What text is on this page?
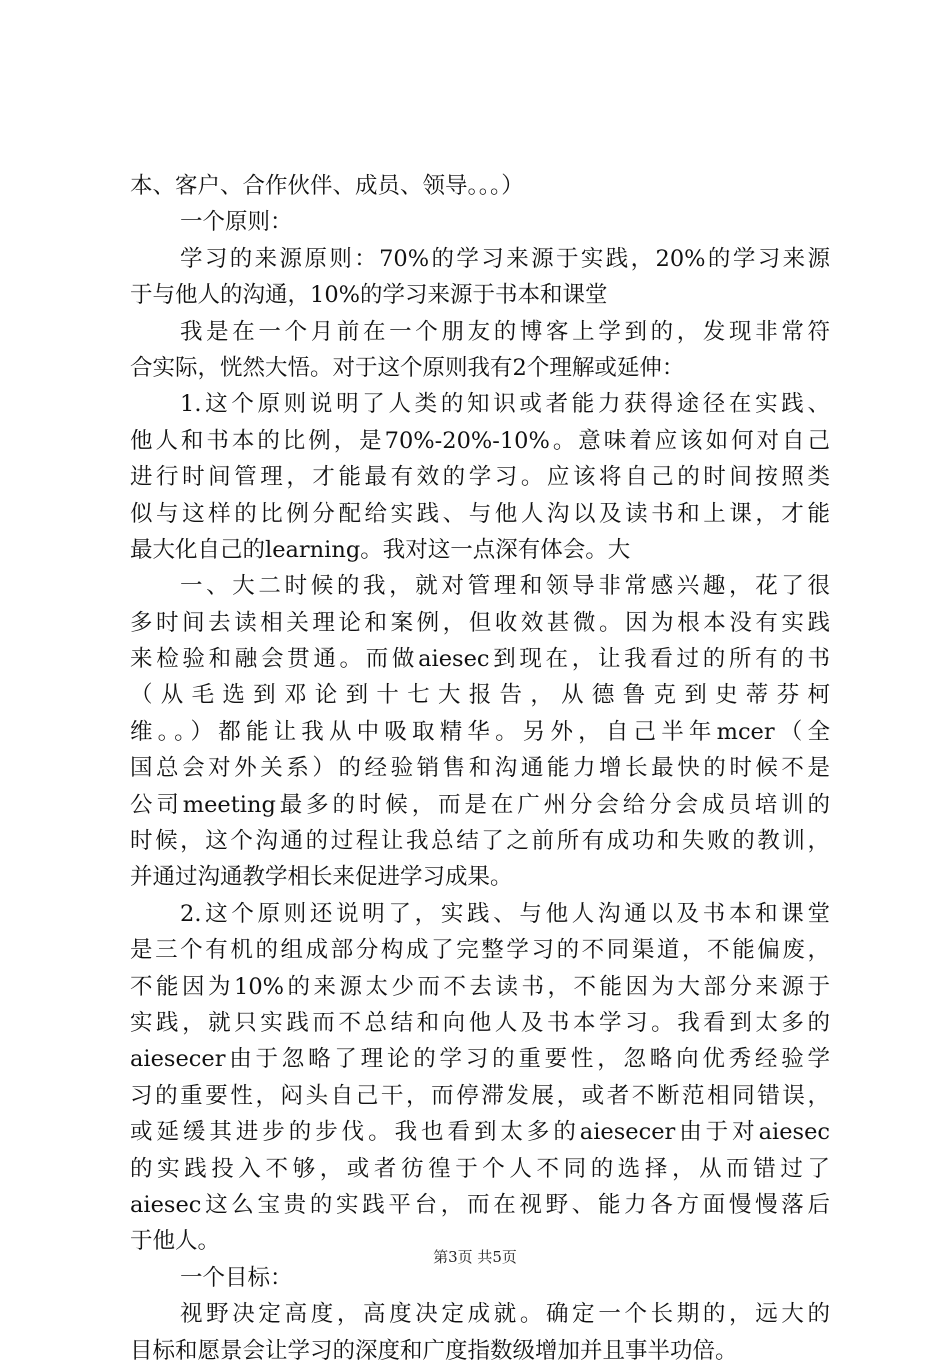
本、客户、合作伙伴、成员、领导。。。）
一个原则：
学习的来源原则：70%的学习来源于实践，20%的学习来源
于与他人的沟通，10%的学习来源于书本和课堂
我是在一个月前在一个朋友的博客上学到的，发现非常符
合实际，恍然大悟。对于这个原则我有2个理解或延伸：
1.这个原则说明了人类的知识或者能力获得途径在实践、
他人和书本的比例，是70%-20%-10%。意味着应该如何对自己
进行时间管理，才能最有效的学习。应该将自己的时间按照类
似与这样的比例分配给实践、与他人沟以及读书和上课，才能
最大化自己的learning。我对这一点深有体会。大
一、大二时候的我，就对管理和领导非常感兴趣，花了很
多时间去读相关理论和案例，但收效甚微。因为根本没有实践
来检验和融会贯通。而做aiesec到现在，让我看过的所有的书
（从毛选到邓论到十七大报告，从德鲁克到史蒂芬柯
维。。）都能让我从中吸取精华。另外，自己半年mcer（全
国总会对外关系）的经验销售和沟通能力增长最快的时候不是
公司meeting最多的时候，而是在广州分会给分会成员培训的
时候，这个沟通的过程让我总结了之前所有成功和失败的教训，
并通过沟通教学相长来促进学习成果。
2.这个原则还说明了，实践、与他人沟通以及书本和课堂
是三个有机的组成部分构成了完整学习的不同渠道，不能偏废，
不能因为10%的来源太少而不去读书，不能因为大部分来源于
实践，就只实践而不总结和向他人及书本学习。我看到太多的
aiesecer由于忽略了理论的学习的重要性，忽略向优秀经验学
习的重要性，闷头自己干，而停滞发展，或者不断范相同错误，
或延缓其进步的步伐。我也看到太多的aiesecer由于对aiesec
的实践投入不够，或者彷徨于个人不同的选择，从而错过了
aiesec这么宝贵的实践平台，而在视野、能力各方面慢慢落后
于他人。
一个目标：
视野决定高度，高度决定成就。确定一个长期的，远大的
目标和愿景会让学习的深度和广度指数级增加并且事半功倍。
第3页 共5页
